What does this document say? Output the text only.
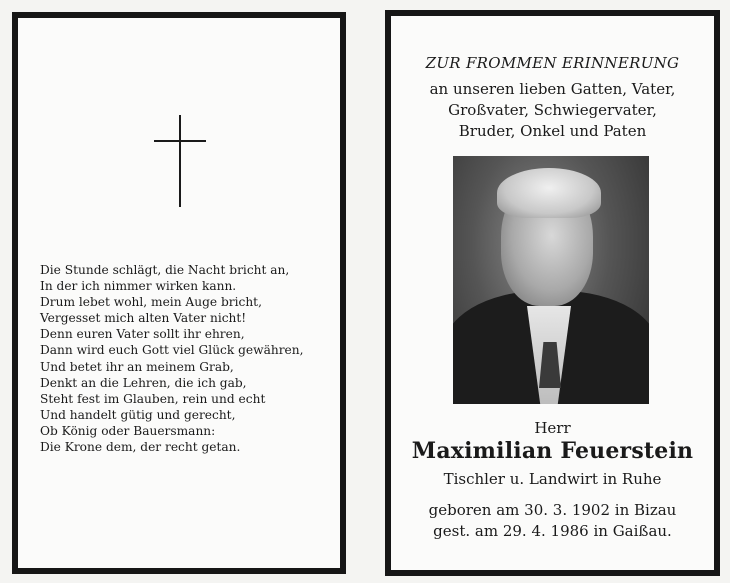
Die Stunde schlägt, die Nacht bricht an,
In der ich nimmer wirken kann.
Drum lebet wohl, mein Auge bricht,
Vergesset mich alten Vater nicht!
Denn euren Vater sollt ihr ehren,
Dann wird euch Gott viel Glück gewähren,
Und betet ihr an meinem Grab,
Denkt an die Lehren, die ich gab,
Steht fest im Glauben, rein und echt
Und handelt gütig und gerecht,
Ob König oder Bauersmann:
Die Krone dem, der recht getan.
ZUR FROMMEN ERINNERUNG
an unseren lieben Gatten, Vater,
Großvater, Schwiegervater,
Bruder, Onkel und Paten
Herr
Maximilian Feuerstein
Tischler u. Landwirt in Ruhe
geboren am 30. 3. 1902 in Bizau
gest. am 29. 4. 1986 in Gaißau.
